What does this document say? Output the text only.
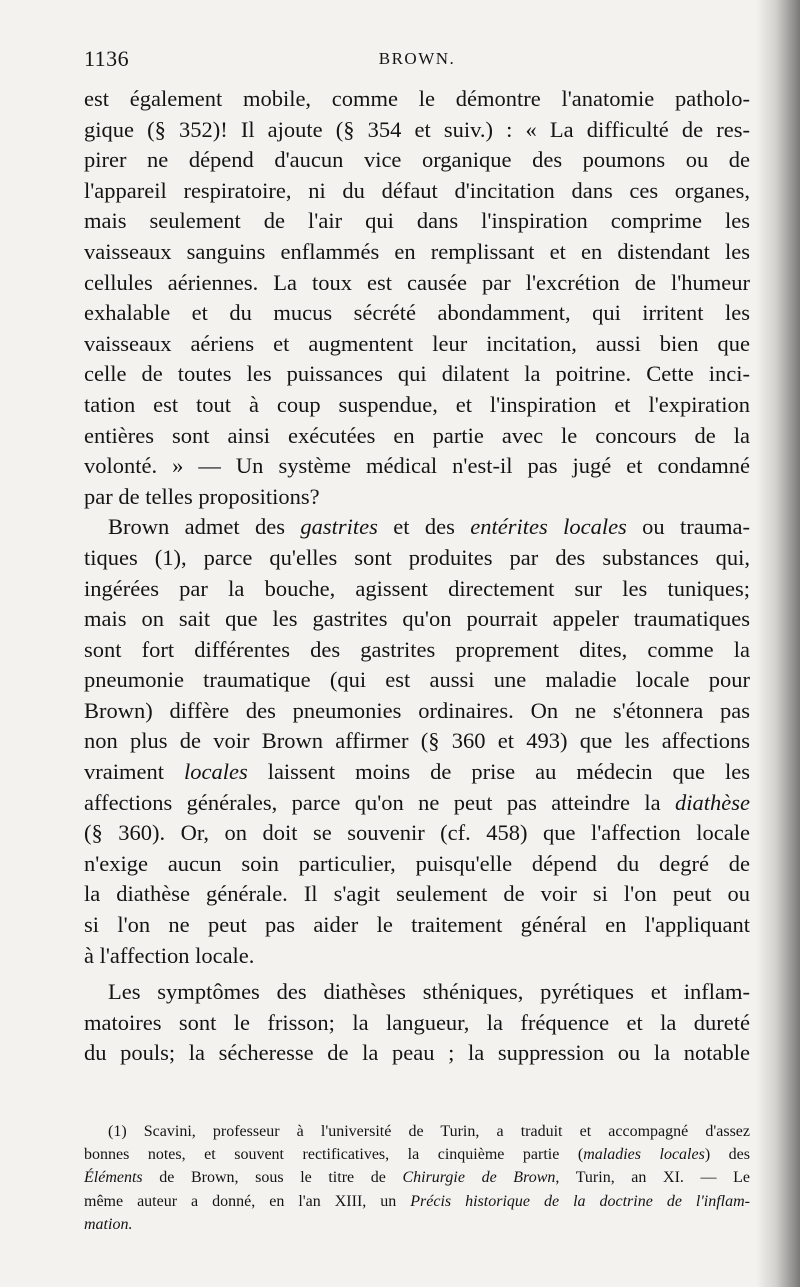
1136	BROWN.
est également mobile, comme le démontre l'anatomie patholo-
gique (§ 352)! Il ajoute (§ 354 et suiv.) : « La difficulté de res-
pirer ne dépend d'aucun vice organique des poumons ou de
l'appareil respiratoire, ni du défaut d'incitation dans ces organes,
mais seulement de l'air qui dans l'inspiration comprime les
vaisseaux sanguins enflammés en remplissant et en distendant les
cellules aériennes. La toux est causée par l'excrétion de l'humeur
exhalable et du mucus sécrété abondamment, qui irritent les
vaisseaux aériens et augmentent leur incitation, aussi bien que
celle de toutes les puissances qui dilatent la poitrine. Cette inci-
tation est tout à coup suspendue, et l'inspiration et l'expiration
entières sont ainsi exécutées en partie avec le concours de la
volonté. » — Un système médical n'est-il pas jugé et condamné
par de telles propositions?
Brown admet des gastrites et des entérites locales ou trauma-
tiques (1), parce qu'elles sont produites par des substances qui,
ingérées par la bouche, agissent directement sur les tuniques;
mais on sait que les gastrites qu'on pourrait appeler traumatiques
sont fort différentes des gastrites proprement dites, comme la
pneumonie traumatique (qui est aussi une maladie locale pour
Brown) diffère des pneumonies ordinaires. On ne s'étonnera pas
non plus de voir Brown affirmer (§ 360 et 493) que les affections
vraiment locales laissent moins de prise au médecin que les
affections générales, parce qu'on ne peut pas atteindre la diathèse
(§ 360). Or, on doit se souvenir (cf. 458) que l'affection locale
n'exige aucun soin particulier, puisqu'elle dépend du degré de
la diathèse générale. Il s'agit seulement de voir si l'on peut ou
si l'on ne peut pas aider le traitement général en l'appliquant
à l'affection locale.
Les symptômes des diathèses sthéniques, pyrétiques et inflam-
matoires sont le frisson; la langueur, la fréquence et la dureté
du pouls; la sécheresse de la peau ; la suppression ou la notable
(1) Scavini, professeur à l'université de Turin, a traduit et accompagné d'assez
bonnes notes, et souvent rectificatives, la cinquième partie (maladies locales) des
Éléments de Brown, sous le titre de Chirurgie de Brown, Turin, an XI. — Le
même auteur a donné, en l'an XIII, un Précis historique de la doctrine de l'inflam-
mation.
